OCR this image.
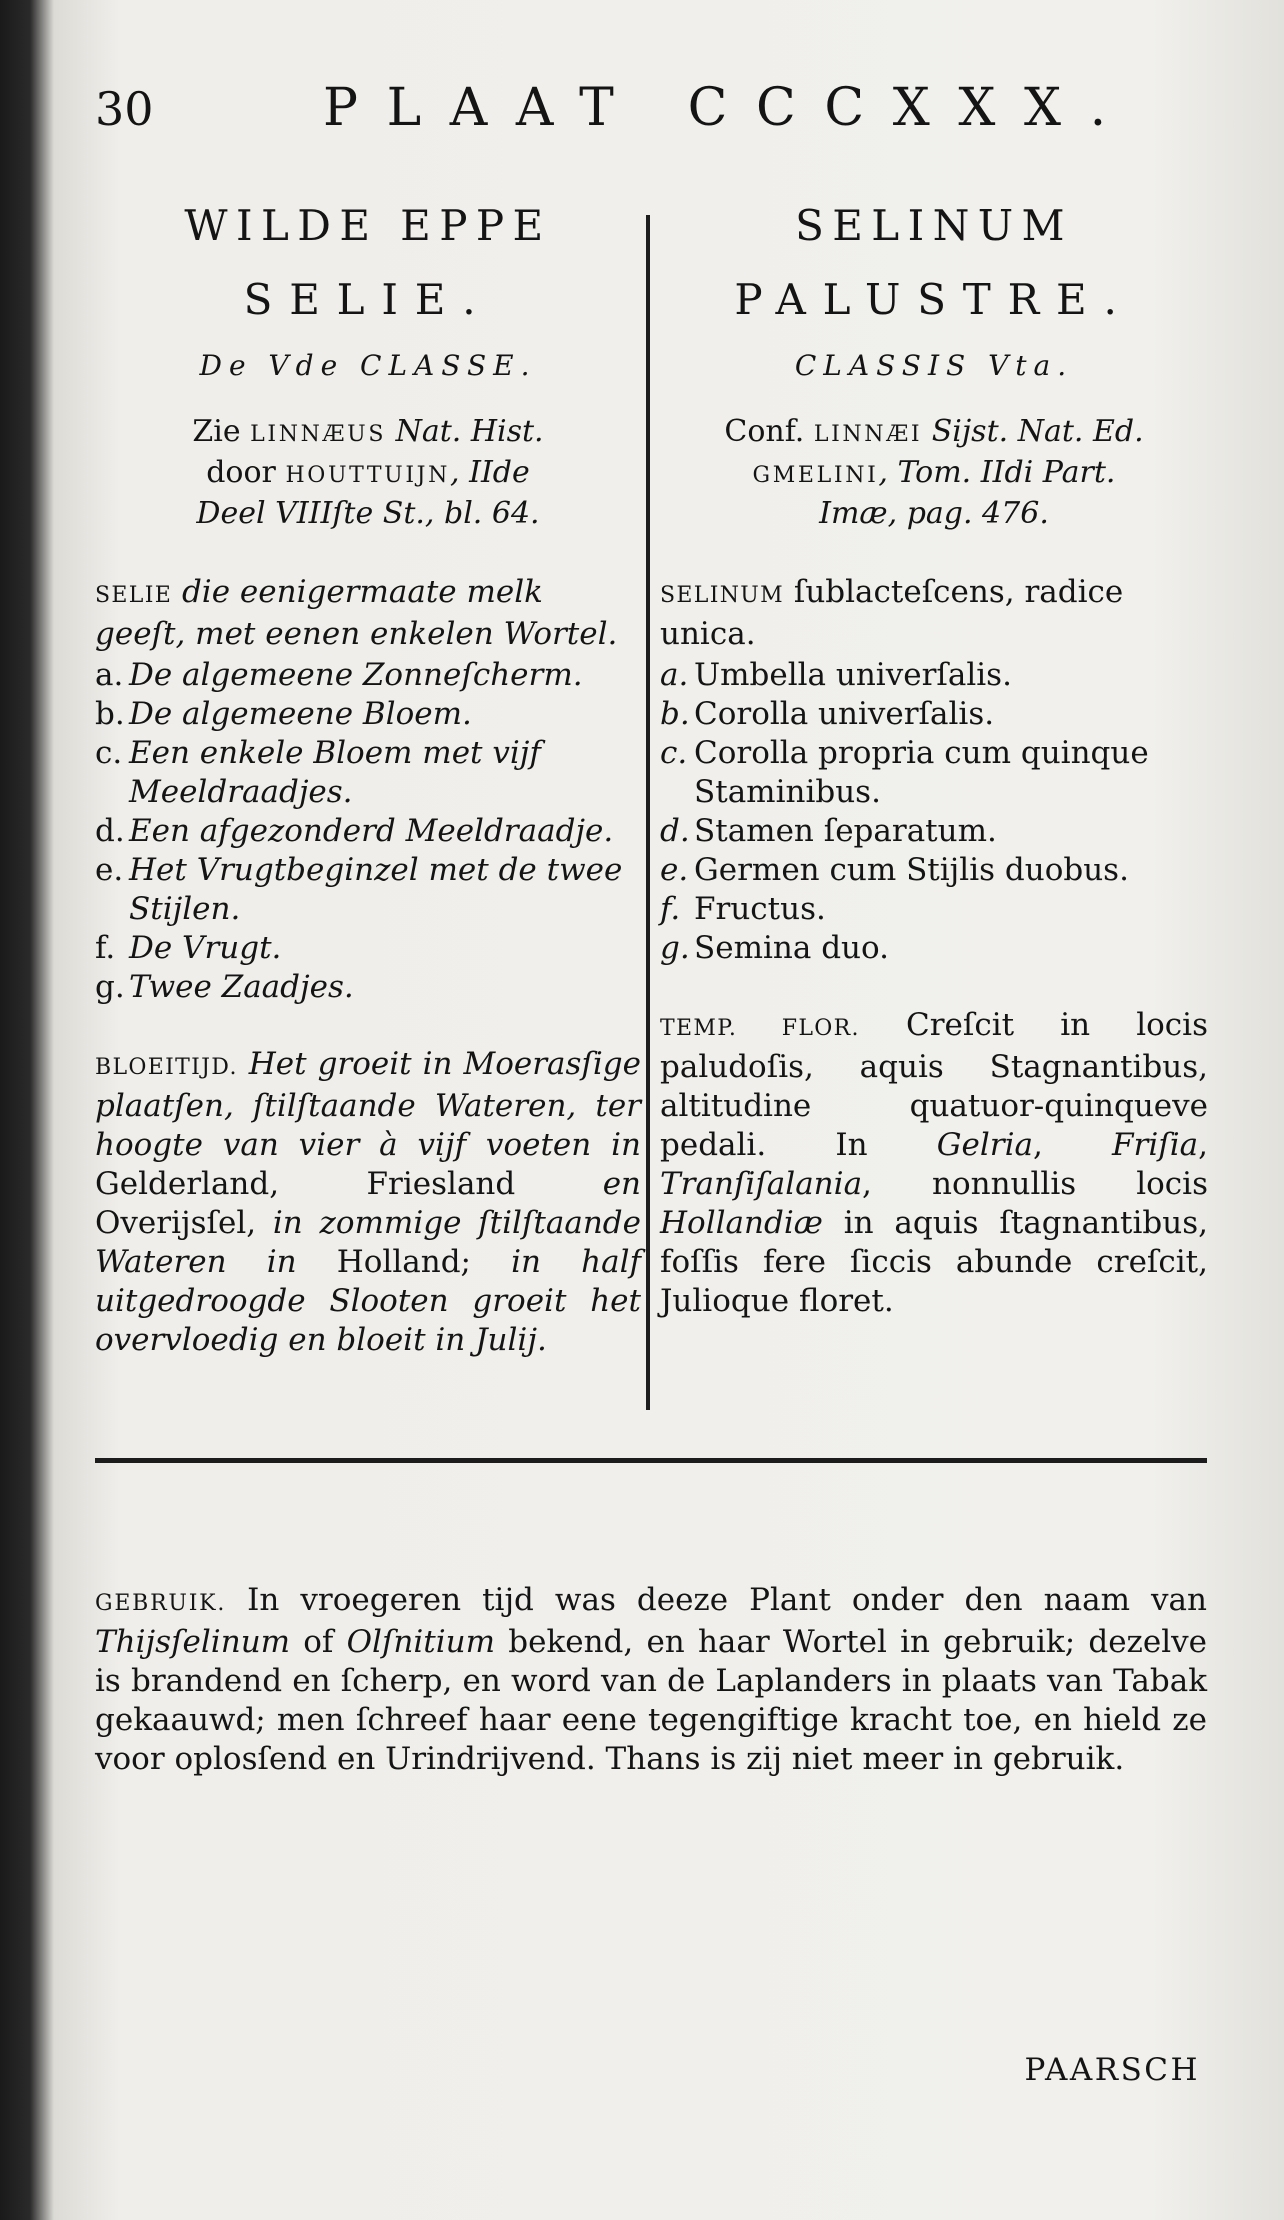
30	PLAAT CCCXXX.
WILDE EPPE
SELIE.
De Vde CLASSE.
Zie LINNÆUS Nat. Hist.
door HOUTTUIJN, IIde
Deel VIIIſte St., bl. 64.

SELIE die eenigermaate melk geeſt, met eenen enkelen Wortel.

a. De algemeene Zonneſcherm.
b. De algemeene Bloem.
c. Een enkele Bloem met vijf Meeldraadjes.
d. Een afgezonderd Meeldraadje.
e. Het Vrugtbeginzel met de twee Stijlen.
f. De Vrugt.
g. Twee Zaadjes.

BLOEITIJD. Het groeit in Moerasſige plaatſen, ſtilſtaande Wateren, ter hoogte van vier à vijf voeten in Gelderland, Friesland en Overijsſel, in zommige ſtilſtaande Wateren in Holland; in half uitgedroogde Slooten groeit het overvloedig en bloeit in Julij.

SELINUM
PALUSTRE.
CLASSIS Vta.
Conf. LINNÆI Sijst. Nat. Ed.
GMELINI, Tom. IIdi Part.
Imæ, pag. 476.

SELINUM ſublacteſcens, radice unica.

a. Umbella univerſalis.
b. Corolla univerſalis.
c. Corolla propria cum quinque Staminibus.
d. Stamen ſeparatum.
e. Germen cum Stijlis duobus.
f. Fructus.
g. Semina duo.

TEMP. FLOR. Creſcit in locis paludoſis, aquis Stagnantibus, altitudine quatuor-quinqueve pedali. In Gelria, Friſia, Tranſiſalania, nonnullis locis Hollandiæ in aquis ſtagnantibus, foſſis fere ſiccis abunde creſcit, Julioque floret.

GEBRUIK. In vroegeren tijd was deeze Plant onder den naam van Thijsſelinum of Olſnitium bekend, en haar Wortel in gebruik; dezelve is brandend en ſcherp, en word van de Laplanders in plaats van Tabak gekaauwd; men ſchreef haar eene tegengiftige kracht toe, en hield ze voor oplosſend en Urindrijvend. Thans is zij niet meer in gebruik.

PAARSCH
